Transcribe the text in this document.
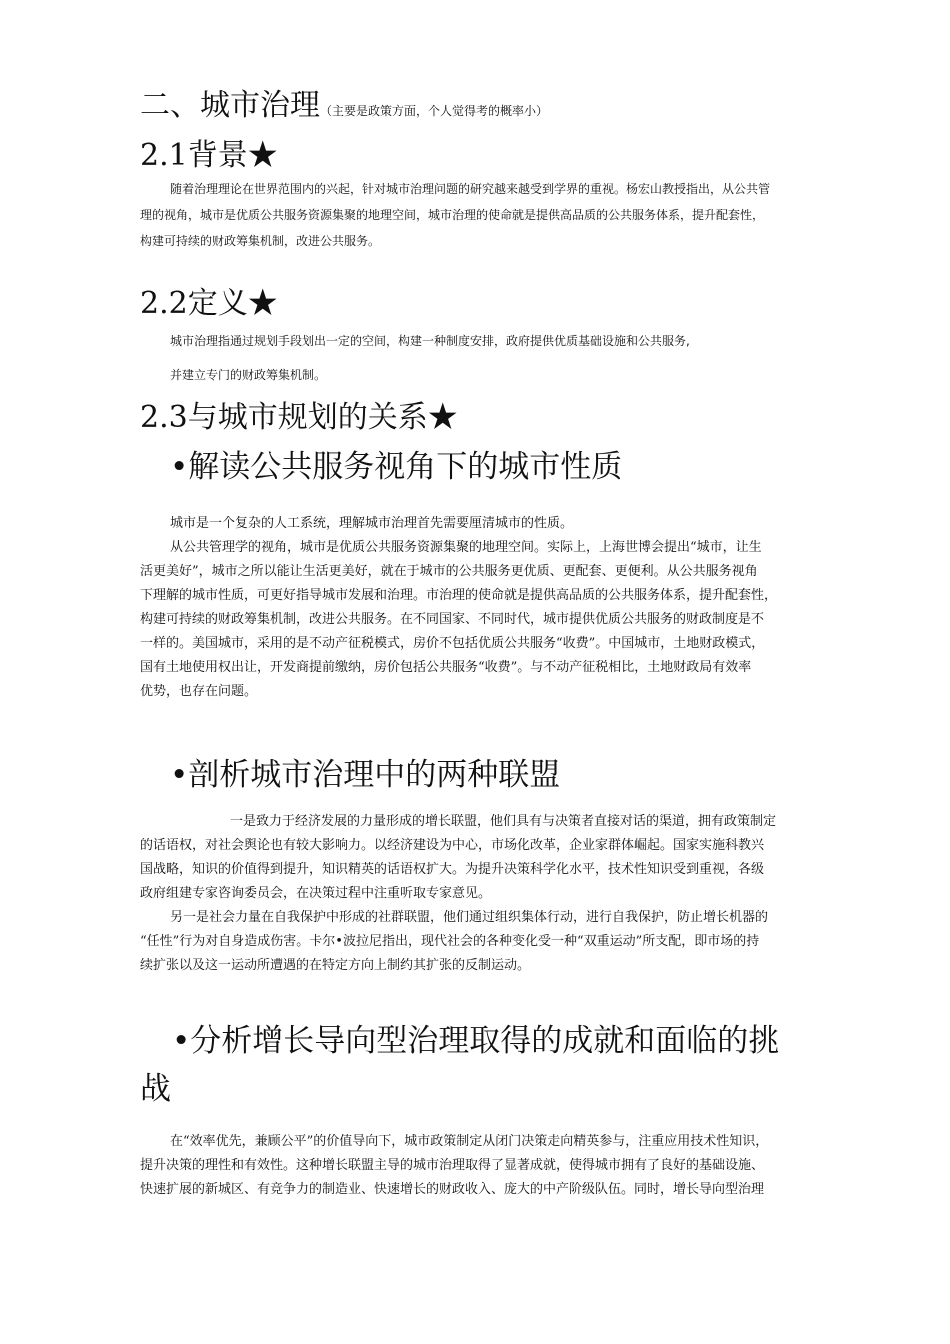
二、城市治理（主要是政策方面，个人觉得考的概率小）
2.1背景★
随着治理理论在世界范围内的兴起，针对城市治理问题的研究越来越受到学界的重视。杨宏山教授指出，从公共管
理的视角，城市是优质公共服务资源集聚的地理空间，城市治理的使命就是提供高品质的公共服务体系，提升配套性，
构建可持续的财政筹集机制，改进公共服务。
2.2定义★
城市治理指通过规划手段划出一定的空间，构建一种制度安排，政府提供优质基础设施和公共服务,
并建立专门的财政筹集机制。
2.3与城市规划的关系★
•解读公共服务视角下的城市性质
城市是一个复杂的人工系统，理解城市治理首先需要厘清城市的性质。
从公共管理学的视角，城市是优质公共服务资源集聚的地理空间。实际上，上海世博会提出“城市，让生
活更美好”，城市之所以能让生活更美好，就在于城市的公共服务更优质、更配套、更便利。从公共服务视角
下理解的城市性质，可更好指导城市发展和治理。市治理的使命就是提供高品质的公共服务体系，提升配套性，
构建可持续的财政筹集机制，改进公共服务。在不同国家、不同时代，城市提供优质公共服务的财政制度是不
一样的。美国城市，采用的是不动产征税模式，房价不包括优质公共服务“收费”。中国城市，土地财政模式，
国有土地使用权出让，开发商提前缴纳，房价包括公共服务“收费”。与不动产征税相比，土地财政局有效率
优势，也存在问题。
•剖析城市治理中的两种联盟
一是致力于经济发展的力量形成的增长联盟，他们具有与决策者直接对话的渠道，拥有政策制定
的话语权，对社会舆论也有较大影响力。以经济建设为中心，市场化改革，企业家群体崛起。国家实施科教兴
国战略，知识的价值得到提升，知识精英的话语权扩大。为提升决策科学化水平，技术性知识受到重视，各级
政府组建专家咨询委员会，在决策过程中注重听取专家意见。
另一是社会力量在自我保护中形成的社群联盟，他们通过组织集体行动，进行自我保护，防止增长机器的
“任性”行为对自身造成伤害。卡尔•波拉尼指出，现代社会的各种变化受一种“双重运动”所支配，即市场的持
续扩张以及这一运动所遭遇的在特定方向上制约其扩张的反制运动。
•分析增长导向型治理取得的成就和面临的挑
战
在“效率优先，兼顾公平”的价值导向下，城市政策制定从闭门决策走向精英参与，注重应用技术性知识，
提升决策的理性和有效性。这种增长联盟主导的城市治理取得了显著成就，使得城市拥有了良好的基础设施、
快速扩展的新城区、有竞争力的制造业、快速增长的财政收入、庞大的中产阶级队伍。同时，增长导向型治理
